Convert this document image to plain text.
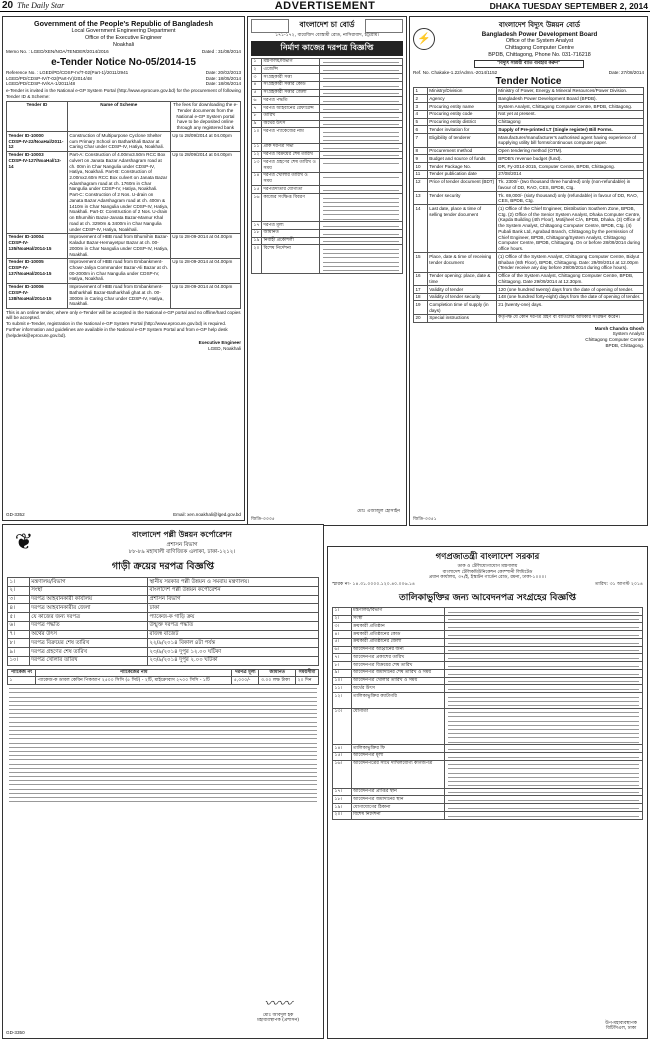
20 The Daily Star	ADVERTISEMENT	DHAKA TUESDAY SEPTEMBER 2, 2014
Government of the People's Republic of Bangladesh
Local Government Engineering Department
Office of the Executive Engineer
Noakhali
Memo No. : LGED/XEN/NOA/TENDER/2014/2016	Dated : 31/08/2014
e-Tender Notice No-05/2014-15
Reference No. : LGED/PD/CDSP-IV/T-02(Part-1)/2011/2941	Date: 20/02/2013
LGED/PD/CDSP-IV/T-02(Part-IV)/2014/48	Date: 18/05/2014
LGED/PD/CDSP-IV/KA-1/2011/48	Date: 18/06/2014
e-Tender is invited in the National e-GP System Portal (http://www.eprocure.gov.bd) for the procurement of following Tender ID & Scheme:
Tender ID	Name of Scheme	The fees for downloading the e-Tender documents from the National e-GP System portal have to be deposited online through any registered bank
Tender ID-10000
CDSP-IV-22/NoaHal/2011-12	Construction of Multipurpose Cyclone Shelter cum Primary School on Batharkhali Bazar at Caring Char under CDSP-IV, Hatiya, Noakhali.	Up to 28/09/2014 at 04.00pm
Tender ID-10003
CDSP-IV-127/NoaHal/13-14	Part-A: Construction of 4.00mx3.50m RCC Box culvert on Janata Bazar Adarshagram road at ch. 00m in Char Nangulia under CDSP-IV, Hatiya, Noakhali. Part-B: Construction of 2.00mx2.60m RCC Box culvert on Janata Bazar Adarshagram road at ch. 1760m in Char Nangulia under CDSP-IV, Hatiya, Noakhali. Part-C: Construction of 2 Nos. U-drain on Janata Bazar Adarshagram road at ch. 400m & 1410m in Char Nangulia under CDSP-IV, Hatiya, Noakhali. Part-D: Construction of 2 Nos. U-drain on Bhumihin Bazar-Janata Bazar-Mamur Khal road at ch. 3290m & 3400m in Char Nangulia under CDSP-IV, Hatiya, Noakhali.	Up to 28/09/2014 at 04.00pm
Tender ID-10004
CDSP-IV-135/NoaHal/2014-15	Improvement of HBB road from Bhumihin Bazar-Kaladur Bazar-Hemayetpur Bazar at ch. 00-2000m in Char Nangulia under CDSP-IV, Hatiya, Noakhali.	Up to 28-09-2014 at 04.00pm
Tender ID-10005
CDSP-IV-137/NoaHal/2014-15	Improvement of HBB road from Embankment-Chowr-Jaliya Commander Bazar-Ali Bazar at ch. 00-2000m in Char Nangulia under CDSP-IV, Hatiya, Noakhali.	Up to 28-09-2014 at 04.00pm
Tender ID-10006
CDSP-IV-138/NoaHal/2014-15	Improvement of HBB road from Embankment-Batharkhali Bazar-Batharkhali ghat at ch. 00-3000m in Caring Char under CDSP-IV, Hatiya, Noakhali.	Up to 28-09-2014 at 04.00pm
This is an online tender, where only e-Tender will be accepted in the National e-GP portal and no offline/hard copies will be accepted.
To submit e-Tender, registration in the National e-GP System Portal (http://www.eprocure.gov.bd) is required.
Further information and guidelines are available in the National e-GP System Portal and from e-GP help desk (helpdesk@eprocure.gov.bd).
Executive Engineer
LGED, Noakhali
GD-3352	Email: xen.noakhali@lged.gov.bd
বাংলাদেশ চা বোর্ড
১৭১-১৭২, বায়েজিদ বোস্তামী রোড, নাসিরাবাদ, চট্টগ্রাম।
নির্মাণ কাজের দরপত্র বিজ্ঞপ্তি
১	মন্ত্রণালয়/বিভাগ	

২	এজেন্সি	

৩	সংগ্রহকারী সত্তা	

৪	সংগ্রহকারী সত্তার কোড	

৫	সংগ্রহকারী সত্তার জেলা	

৬	দরপত্র পদ্ধতি	

৭	দরপত্র আহবানের রেফারেন্স	

৮	তারিখ	

৯	অর্থের উৎস	

১০	দরপত্র প্যাকেজের নাম	

১১	প্রাক দরপত্র সভা	

১২	দরপত্র বিক্রয়ের শেষ তারিখ	

১৩	দরপত্র গ্রহণের শেষ তারিখ ও সময়	

১৪	দরপত্র খোলার তারিখ ও সময়	

১৫	দরপত্রদাতার যোগ্যতা	

১৬	কাজের সংক্ষিপ্ত বিবরণ	

১৭	দরপত্র মূল্য	

১৮	জামানত	

১৯	নির্বাহী প্রকৌশলী	

২০	বিশেষ নির্দেশনা	
মোঃ এজাজুল হোসাইন
জিডি-৩৩৩৫
⚡
বাংলাদেশ বিদ্যুৎ উন্নয়ন বোর্ড
Bangladesh Power Development Board
Office of the System Analyst
Chittagong Computer Centre
BPDB, Chittagong, Phone No. 031-716218
"বিদ্যুৎ সাশ্রয়ী বাতি ব্যবহার করুন"
Ref. No. Chakake-1.22/Admn.-2014/1152	Date: 27/08/2014
Tender Notice
1	Ministry/Division	Ministry of Power, Energy & Mineral Resources/Power Division.
2	Agency	Bangladesh Power Development Board (BPDB).
3	Procuring entity name	System Analyst, Chittagong Computer Centre, BPDB, Chittagong.
4	Procuring entity code	Not yet at present.
5	Procuring entity district	Chittagong
6	Tender invitation for	Supply of Pre-printed LT (Single register) Bill Forms.
7	Eligibility of tenderer	Manufacturer/manufacturer's authorised agent having experience of supplying utility bill forms/continuous computer paper.
8	Procurement method	Open tendering method (OTM).
9	Budget and source of funds	BPDB's revenue budget (fund).
10	Tender Package No.	DR, Fy-2014-2015, Computer Centre, BPDB, Chittagong.
11	Tender publication date	27/08/2014
12	Price of tender document (BDT)	Tk. 2300/- (two thousand three hundred) only (non-refundable) in favour of DD, RAO, CES, BPDB, Ctg.
13	Tender security	Tk. 69,000/- (sixty thousand) only (refundable) in favour of DD, RAO, CES, BPDB, Ctg.
14	Last date, place & time of selling tender document	(1) Office of the Chief Engineer, Distribution Southern Zone, BPDB, Ctg. (2) Office of the Senior System Analyst, Dhaka Computer Centre, (Kapda Building (4th Floor), Motijheel C/A, BPDB, Dhaka. (3) Office of the System Analyst, Chittagong Computer Centre, BPDB, Ctg. (4) Pubali Bank Ltd, Agrabad Branch, Chittagong by the permission of Chief Engineer, BPDB, Chittagong/System Analyst, Chittagong Computer Centre, BPDB, Chittagong. On or before 28/09/2014 during office hours.
15	Place, date & time of receiving tender document	(1) Office of the System Analyst, Chittagong Computer Centre, Bidyut Bhaban (6th Floor), BPDB, Chittagong. Date: 29/09/2014 at 12.00pm (Tender receive any day before 29/09/2014 during office hours).
16	Tender opening: place, date & time	Office of the System Analyst, Chittagong Computer Centre, BPDB, Chittagong. Date 29/09/2014 at 12.30pm.
17	Validity of tender	120 (one hundred twenty) days from the date of opening of tender.
18	Validity of tender security	148 (one hundred forty-eight) days from the date of opening of tender.
19	Completion time of supply (in days)	21 (twenty-one) days.
20	Special instructions	কর্তৃপক্ষ যে কোন দরপত্র গ্রহণ বা বাতিলের অধিকার সংরক্ষণ করেন।
Marsh Chandra Ghosh
System Analyst
Chittagong Computer Centre
BPDB, Chittagong.
জিডি-৩৩৫১
❦	বাংলাদেশ পল্লী উন্নয়ন কর্পোরেশন
প্রশাসন বিভাগ
৮৮-৮৯ মহাখালী বাণিজ্যিক এলাকা, ঢাকা-১২১২।
গাড়ী ক্রয়ের দরপত্র বিজ্ঞপ্তি
১।	মন্ত্রণালয়/বিভাগ	স্থানীয় সরকার পল্লী উন্নয়ন ও সমবায় মন্ত্রণালয়।
২।	সংস্থা	বাংলাদেশ পল্লী উন্নয়ন কর্পোরেশন
৩।	দরপত্র আহবানকারী কার্যালয়	প্রশাসন বিভাগ
৪।	দরপত্র আহবানকারীর জেলা	ঢাকা
৫।	যে কাজের জন্য দরপত্র	প্যাকেজ-ক গাড়ি ক্রয়
৬।	দরপত্র পদ্ধতি	উন্মুক্ত দরপত্র পদ্ধতি
৭।	অর্থের উৎস	রাজস্ব বাজেট
৮।	দরপত্র বিক্রয়ের শেষ তারিখ	২২/৯/২০১৪ বিকাল ৪টা পর্যন্ত
৯।	দরপত্র গ্রহণের শেষ তারিখ	২৩/৯/২০১৪ দুপুর ১২.০০ ঘটিকা
১০।	দরপত্র খোলার তারিখ	২৩/৯/২০১৪ দুপুর ২.০০ ঘটিকা
প্যাকেজ নং	প্যাকেজের নাম	দরপত্র মূল্য	জামানত	সময়সীমা
১	প্যাকেজ-ক ডাবল কেবিন পিকআপ ২৫০০ সিসি (৫ সিট) - ২টি, মাইক্রোবাস ২৭০০ সিসি - ১টি	৫,০০০/-	৩.০০ লক্ষ টাকা	২০ দিন
〰〰
মোঃ আবদুল হক
মহাব্যবস্থাপক (প্রশাসন)
GD-3350
গণপ্রজাতন্ত্রী বাংলাদেশ সরকার
ডাক ও টেলিযোগাযোগ মন্ত্রণালয়
বাংলাদেশ টেলিকমিউনিকেশন কোম্পানী লিমিটেড
প্রধান কার্যালয়, ৩৭/ই, ইস্কাটন গার্ডেন রোড, রমনা, ঢাকা-১০০০।
স্মারক নং- ১৪.৩১.০০০০.১২০.৪০.০০৬.১৪	তারিখ: ৩১ আগস্ট ২০১৪
তালিকাভুক্তির জন্য আবেদনপত্র সংগ্রহের বিজ্ঞপ্তি
১।	মন্ত্রণালয়/বিভাগ	

২।	সংস্থা	

৩।	ক্রয়কারী প্রতিষ্ঠান	

৪।	ক্রয়কারী প্রতিষ্ঠানের কোড	

৫।	ক্রয়কারী প্রতিষ্ঠানের জেলা	

৬।	আবেদনপত্র আহ্বানের জন্য	

৭।	আবেদনপত্র প্রকাশের তারিখ	

৮।	আবেদনপত্র বিক্রয়ের শেষ তারিখ	

৯।	আবেদনপত্র জমাদানের শেষ তারিখ ও সময়	

১০।	আবেদনপত্র খোলার তারিখ ও সময়	

১১।	অর্থের উৎস	

১২।	তালিকাভুক্তির ক্যাটাগরি	

১৩।	যোগ্যতা	

১৪।	তালিকাভুক্তির ফি	

১৫।	আবেদনপত্র মূল্য	

১৬।	আবেদনপত্রের সাথে দাখিলযোগ্য কাগজপত্র	

১৭।	আবেদনপত্র প্রাপ্তির স্থান	

১৮।	আবেদনপত্র জমাদানের স্থান	

১৯।	যোগাযোগের ঠিকানা	

২০।	বিশেষ নির্দেশনা	
উপ-মহাব্যবস্থাপক
বিটিসিএল, ঢাকা
